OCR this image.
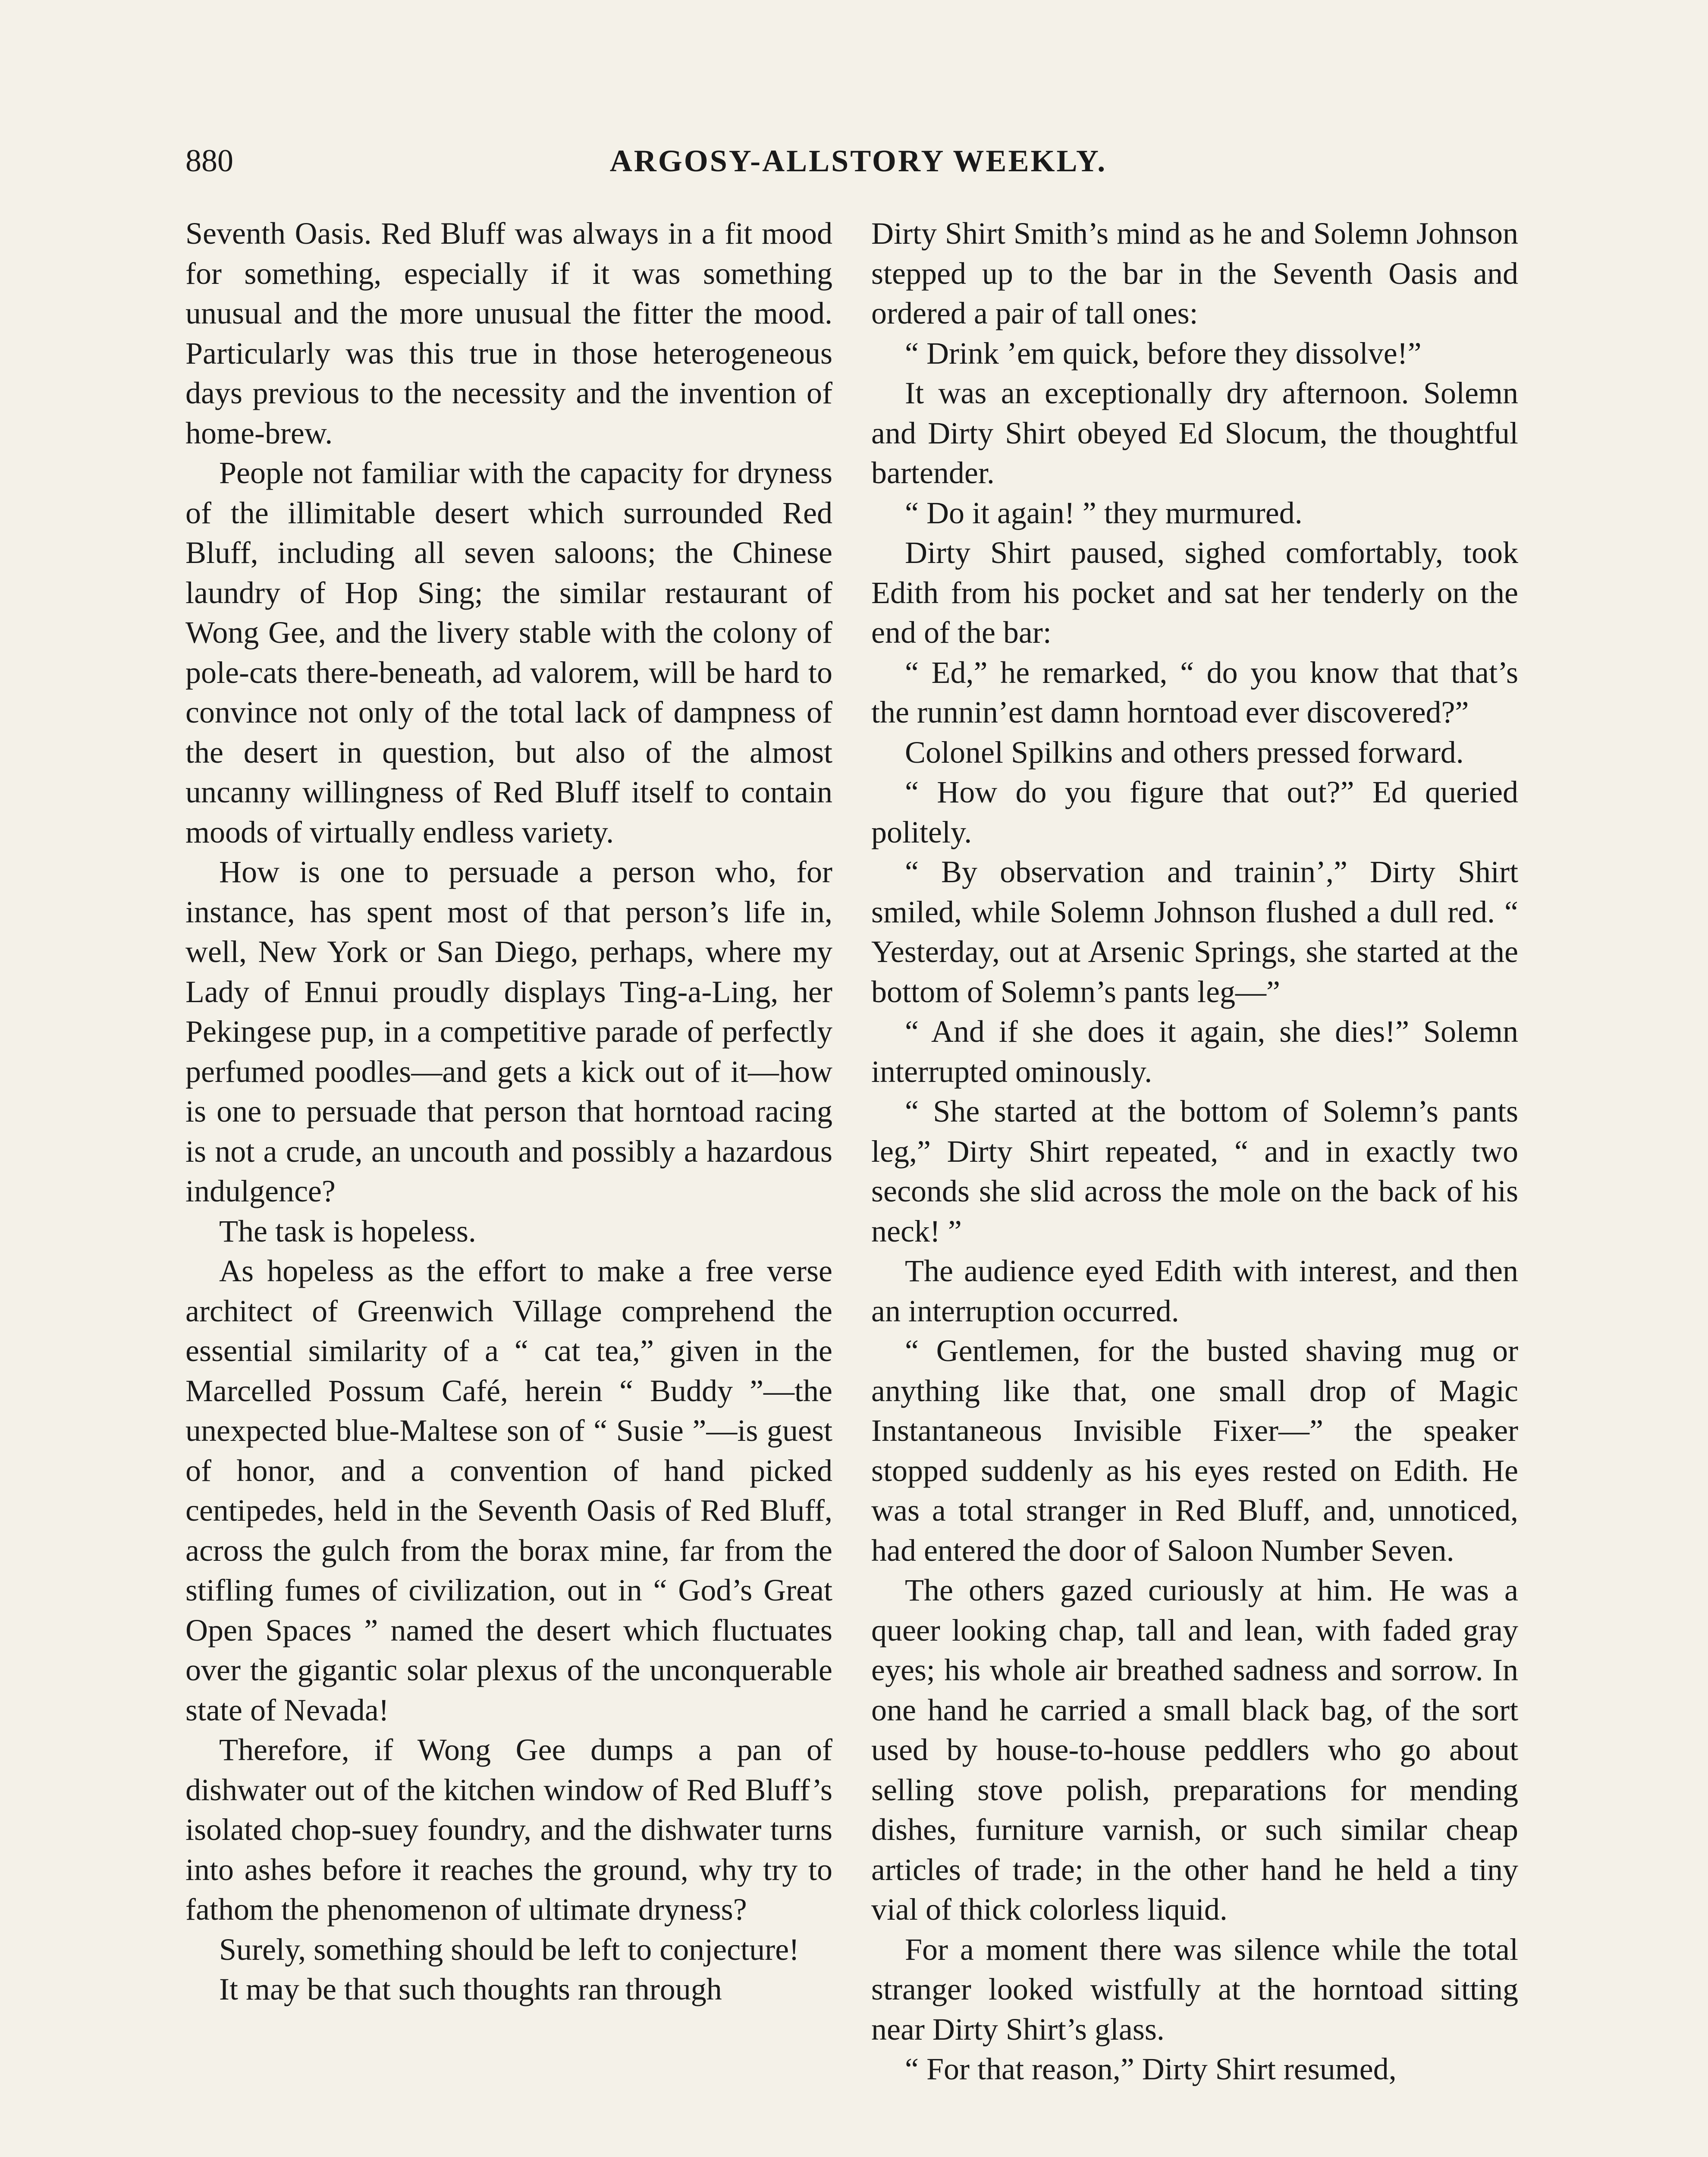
880	ARGOSY-ALLSTORY WEEKLY.

Seventh Oasis. Red Bluff was always in a fit mood for something, especially if it was something unusual and the more unusual the fitter the mood. Particularly was this true in those heterogeneous days previous to the necessity and the invention of home-brew.

People not familiar with the capacity for dryness of the illimitable desert which surrounded Red Bluff, including all seven saloons; the Chinese laundry of Hop Sing; the similar restaurant of Wong Gee, and the livery stable with the colony of pole-cats there-beneath, ad valorem, will be hard to convince not only of the total lack of dampness of the desert in question, but also of the almost uncanny willingness of Red Bluff itself to contain moods of virtually endless variety.

How is one to persuade a person who, for instance, has spent most of that person’s life in, well, New York or San Diego, perhaps, where my Lady of Ennui proudly displays Ting-a-Ling, her Pekingese pup, in a competitive parade of perfectly perfumed poodles—and gets a kick out of it—how is one to persuade that person that horntoad racing is not a crude, an uncouth and possibly a hazardous indulgence?

The task is hopeless.

As hopeless as the effort to make a free verse architect of Greenwich Village comprehend the essential similarity of a “ cat tea,” given in the Marcelled Possum Café, herein “ Buddy ”—the unexpected blue-Maltese son of “ Susie ”—is guest of honor, and a convention of hand picked centipedes, held in the Seventh Oasis of Red Bluff, across the gulch from the borax mine, far from the stifling fumes of civilization, out in “ God’s Great Open Spaces ” named the desert which fluctuates over the gigantic solar plexus of the unconquerable state of Nevada!

Therefore, if Wong Gee dumps a pan of dishwater out of the kitchen window of Red Bluff’s isolated chop-suey foundry, and the dishwater turns into ashes before it reaches the ground, why try to fathom the phenomenon of ultimate dryness?

Surely, something should be left to conjecture!

It may be that such thoughts ran through

Dirty Shirt Smith’s mind as he and Solemn Johnson stepped up to the bar in the Seventh Oasis and ordered a pair of tall ones:

“ Drink ’em quick, before they dissolve!”

It was an exceptionally dry afternoon. Solemn and Dirty Shirt obeyed Ed Slocum, the thoughtful bartender.

“ Do it again! ” they murmured.

Dirty Shirt paused, sighed comfortably, took Edith from his pocket and sat her tenderly on the end of the bar:

“ Ed,” he remarked, “ do you know that that’s the runnin’est damn horntoad ever discovered?”

Colonel Spilkins and others pressed forward.

“ How do you figure that out?” Ed queried politely.

“ By observation and trainin’,” Dirty Shirt smiled, while Solemn Johnson flushed a dull red. “ Yesterday, out at Arsenic Springs, she started at the bottom of Solemn’s pants leg—”

“ And if she does it again, she dies!” Solemn interrupted ominously.

“ She started at the bottom of Solemn’s pants leg,” Dirty Shirt repeated, “ and in exactly two seconds she slid across the mole on the back of his neck! ”

The audience eyed Edith with interest, and then an interruption occurred.

“ Gentlemen, for the busted shaving mug or anything like that, one small drop of Magic Instantaneous Invisible Fixer—” the speaker stopped suddenly as his eyes rested on Edith. He was a total stranger in Red Bluff, and, unnoticed, had entered the door of Saloon Number Seven.

The others gazed curiously at him. He was a queer looking chap, tall and lean, with faded gray eyes; his whole air breathed sadness and sorrow. In one hand he carried a small black bag, of the sort used by house-to-house peddlers who go about selling stove polish, preparations for mending dishes, furniture varnish, or such similar cheap articles of trade; in the other hand he held a tiny vial of thick colorless liquid.

For a moment there was silence while the total stranger looked wistfully at the horntoad sitting near Dirty Shirt’s glass.

“ For that reason,” Dirty Shirt resumed,
